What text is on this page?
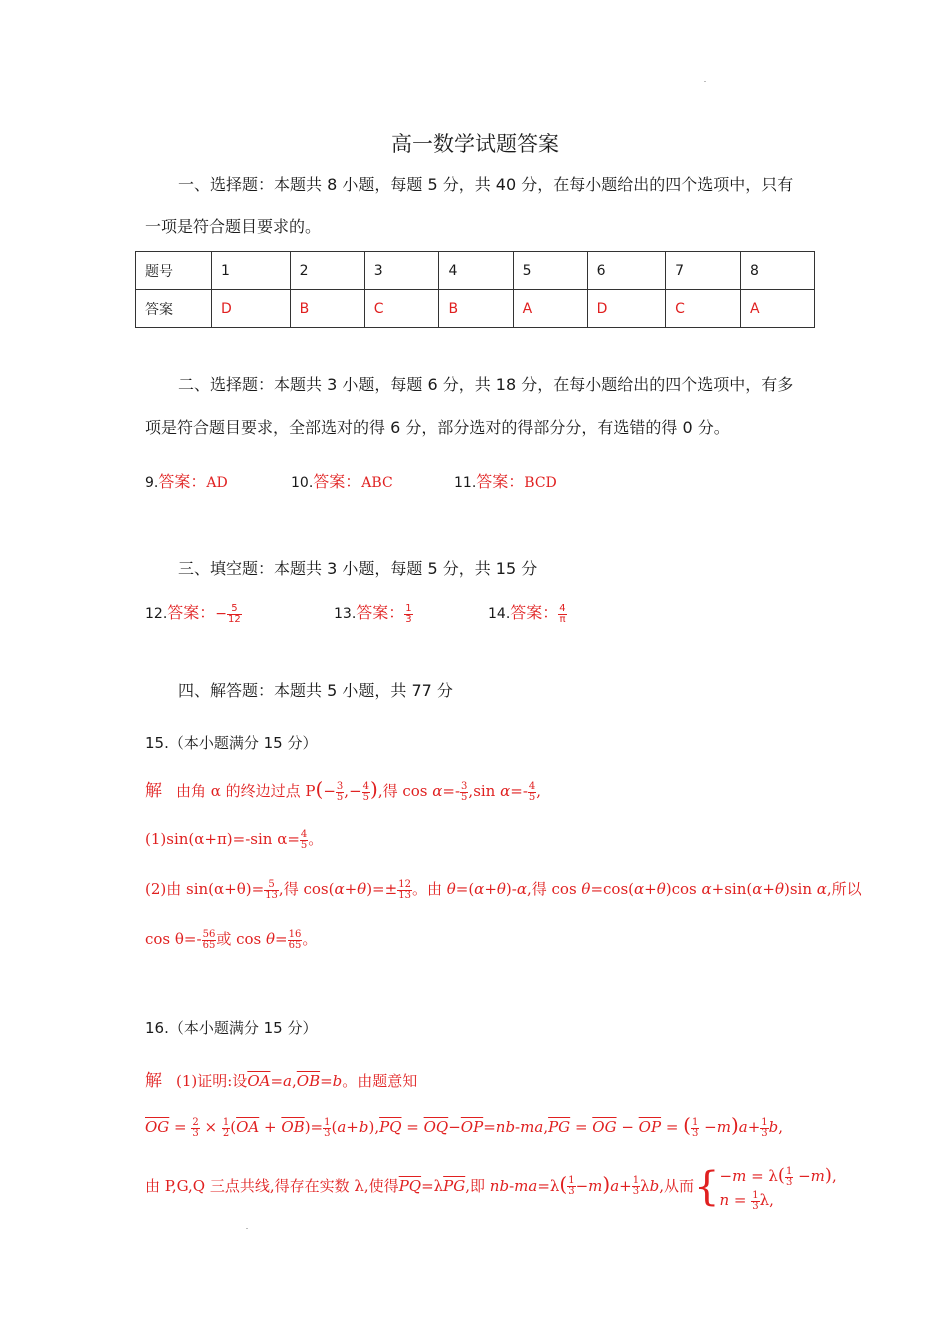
高一数学试题答案
一、选择题：本题共 8 小题，每题 5 分，共 40 分，在每小题给出的四个选项中，只有
一项是符合题目要求的。
题号	1	2	3	4	5	6	7	8
答案	D	B	C	B	A	D	C	A
二、选择题：本题共 3 小题，每题 6 分，共 18 分，在每小题给出的四个选项中，有多
项是符合题目要求，全部选对的得 6 分，部分选对的得部分分，有选错的得 0 分。
9.答案：AD	10.答案：ABC	11.答案：BCD
三、填空题：本题共 3 小题，每题 5 分，共 15 分
12.答案：− $\frac{5}{12}$	13.答案： $\frac{1}{3}$	14.答案： $\frac{4}{\pi}$
四、解答题：本题共 5 小题，共 77 分
15.（本小题满分 15 分）
解 由角 α 的终边过点 $P(- \frac{3}{5}$ ,− $\frac{4}{5}$ ),得 $\cos \alpha=- \frac{3}{5} ,\sin$ $\alpha=- \frac{4}{5}$ ,
(1)sin(α+π)=-sin $\alpha= \frac{4}{5}$ 。
(2)由 $\sin(\alpha+\theta)= \frac{5}{13}$ ,得 $\cos(\alpha+\theta)=\pm \frac{12}{13}$ 。由 θ=(α+θ)-α,得 cos θ=cos(α+θ)cos α+sin(α+θ)sin α,所以
$\cos \theta=- \frac{56}{65}$ 或 $\cos \theta= \frac{16}{65}$ 。
16.（本小题满分 15 分）
解 (1)证明:设$\overline{OA}=a,\overline{OB}=b$。由题意知
$\overline{OG} = \frac{2}{3} \times \frac{1}{2} (\overline{OA} + \overline{OB})= \frac{1}{3} (a+b),\overline{PQ} = \overline{OQ}-\overline{OP}=nb-ma,\overline{PG} = \overline{OG} - \overline{OP}$ = ( $\frac{1}{3} -m)a+ \frac{1}{3} b$,
由 P,G,Q 三点共线,得存在实数 λ,使得$\overline{PQ}=\lambda\overline{PG}$,即 $nb-ma=\lambda( \frac{1}{3} -m)a+ \frac{1}{3} \lambda b$,从而{ $-m = \lambda( \frac{1}{3} -m)$,
$n = \frac{1}{3} \lambda$,
